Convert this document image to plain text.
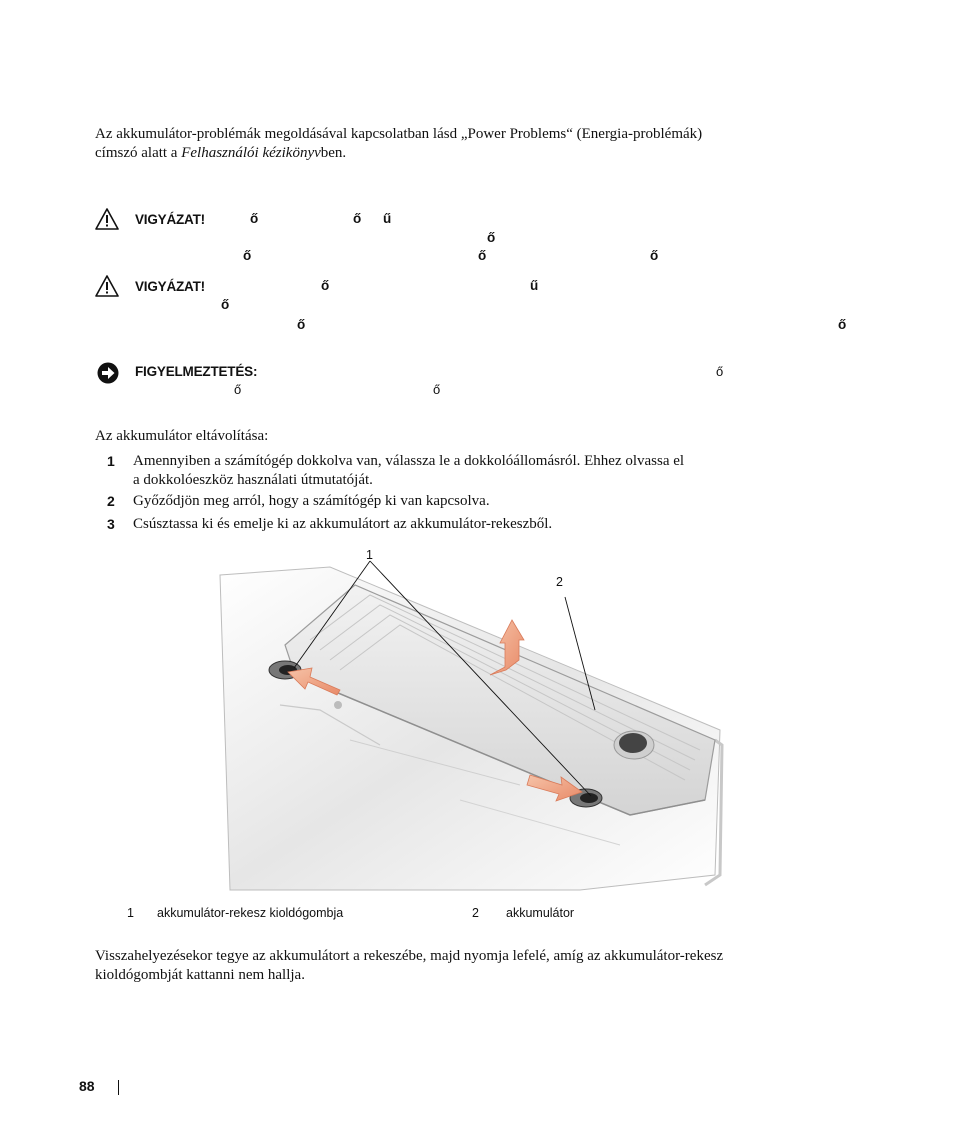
Az akkumulátor-problémák megoldásával kapcsolatban lásd „Power Problems“ (Energia-problémák)
címszó alatt a Felhasználói kézikönyvben.
VIGYÁZAT!	ő	ő ű
ő
ő	ő	ő
VIGYÁZAT!	ő	ű
ő
ő	ő
FIGYELMEZTETÉS:	ő
ő	ő
Az akkumulátor eltávolítása:
1 Amennyiben a számítógép dokkolva van, válassza le a dokkolóállomásról. Ehhez olvassa el
a dokkolóeszköz használati útmutatóját.
2 Győződjön meg arról, hogy a számítógép ki van kapcsolva.
3 Csúsztassa ki és emelje ki az akkumulátort az akkumulátor-rekeszből.
1
2
1 akkumulátor-rekesz kioldógombja	2 akkumulátor
Visszahelyezésekor tegye az akkumulátort a rekeszébe, majd nyomja lefelé, amíg az akkumulátor-rekesz
kioldógombját kattanni nem hallja.
88
